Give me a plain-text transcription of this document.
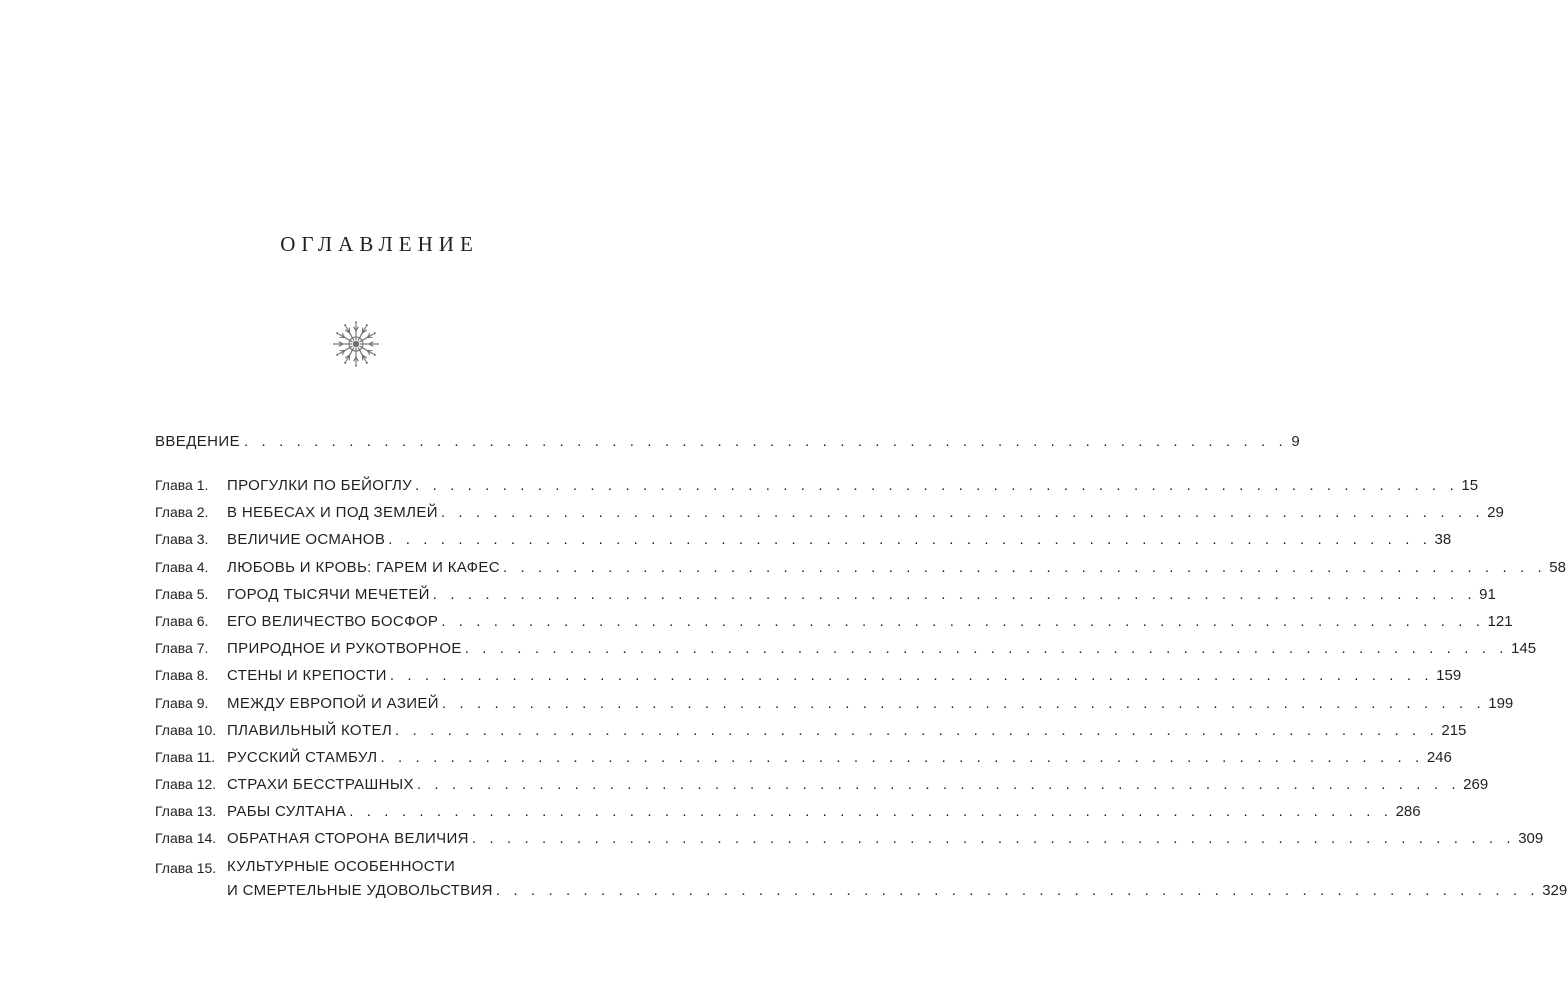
ОГЛАВЛЕНИЕ
ВВЕДЕНИЕ . . . . . . . . . . . . . . . . . . . . . . . . . . . . . . . . . . . . . . . . . . . . . . . . . . . . . . . . . . . . 9
Глава 1.	ПРОГУЛКИ ПО БЕЙОГЛУ . . . . . . . . . . . . . . . . . . . . . . . . . . . . . . . . . . . . . . . . . . . . . . . . . . . . . . . . . . . . 15
Глава 2.	В НЕБЕСАХ И ПОД ЗЕМЛЕЙ . . . . . . . . . . . . . . . . . . . . . . . . . . . . . . . . . . . . . . . . . . . . . . . . . . . . . . . . . . . . 29
Глава 3.	ВЕЛИЧИЕ ОСМАНОВ . . . . . . . . . . . . . . . . . . . . . . . . . . . . . . . . . . . . . . . . . . . . . . . . . . . . . . . . . . . . 38
Глава 4.	ЛЮБОВЬ И КРОВЬ: ГАРЕМ И КАФЕС . . . . . . . . . . . . . . . . . . . . . . . . . . . . . . . . . . . . . . . . . . . . . . . . . . . . . . . . . . . . 58
Глава 5.	ГОРОД ТЫСЯЧИ МЕЧЕТЕЙ . . . . . . . . . . . . . . . . . . . . . . . . . . . . . . . . . . . . . . . . . . . . . . . . . . . . . . . . . . . . 91
Глава 6.	ЕГО ВЕЛИЧЕСТВО БОСФОР . . . . . . . . . . . . . . . . . . . . . . . . . . . . . . . . . . . . . . . . . . . . . . . . . . . . . . . . . . . . 121
Глава 7.	ПРИРОДНОЕ И РУКОТВОРНОЕ . . . . . . . . . . . . . . . . . . . . . . . . . . . . . . . . . . . . . . . . . . . . . . . . . . . . . . . . . . . . 145
Глава 8.	СТЕНЫ И КРЕПОСТИ . . . . . . . . . . . . . . . . . . . . . . . . . . . . . . . . . . . . . . . . . . . . . . . . . . . . . . . . . . . . 159
Глава 9.	МЕЖДУ ЕВРОПОЙ И АЗИЕЙ . . . . . . . . . . . . . . . . . . . . . . . . . . . . . . . . . . . . . . . . . . . . . . . . . . . . . . . . . . . . 199
Глава 10. ПЛАВИЛЬНЫЙ КОТЕЛ . . . . . . . . . . . . . . . . . . . . . . . . . . . . . . . . . . . . . . . . . . . . . . . . . . . . . . . . . . . . 215
Глава 11. РУССКИЙ СТАМБУЛ . . . . . . . . . . . . . . . . . . . . . . . . . . . . . . . . . . . . . . . . . . . . . . . . . . . . . . . . . . . . 246
Глава 12. СТРАХИ БЕССТРАШНЫХ . . . . . . . . . . . . . . . . . . . . . . . . . . . . . . . . . . . . . . . . . . . . . . . . . . . . . . . . . . . . 269
Глава 13. РАБЫ СУЛТАНА . . . . . . . . . . . . . . . . . . . . . . . . . . . . . . . . . . . . . . . . . . . . . . . . . . . . . . . . . . . . 286
Глава 14. ОБРАТНАЯ СТОРОНА ВЕЛИЧИЯ . . . . . . . . . . . . . . . . . . . . . . . . . . . . . . . . . . . . . . . . . . . . . . . . . . . . . . . . . . . . 309
Глава 15. КУЛЬТУРНЫЕ ОСОБЕННОСТИ
И СМЕРТЕЛЬНЫЕ УДОВОЛЬСТВИЯ . . . . . . . . . . . . . . . . . . . . . . . . . . . . . . . . . . . . . . . . . . . . . . . . . . . . . . . . . . . . 329
